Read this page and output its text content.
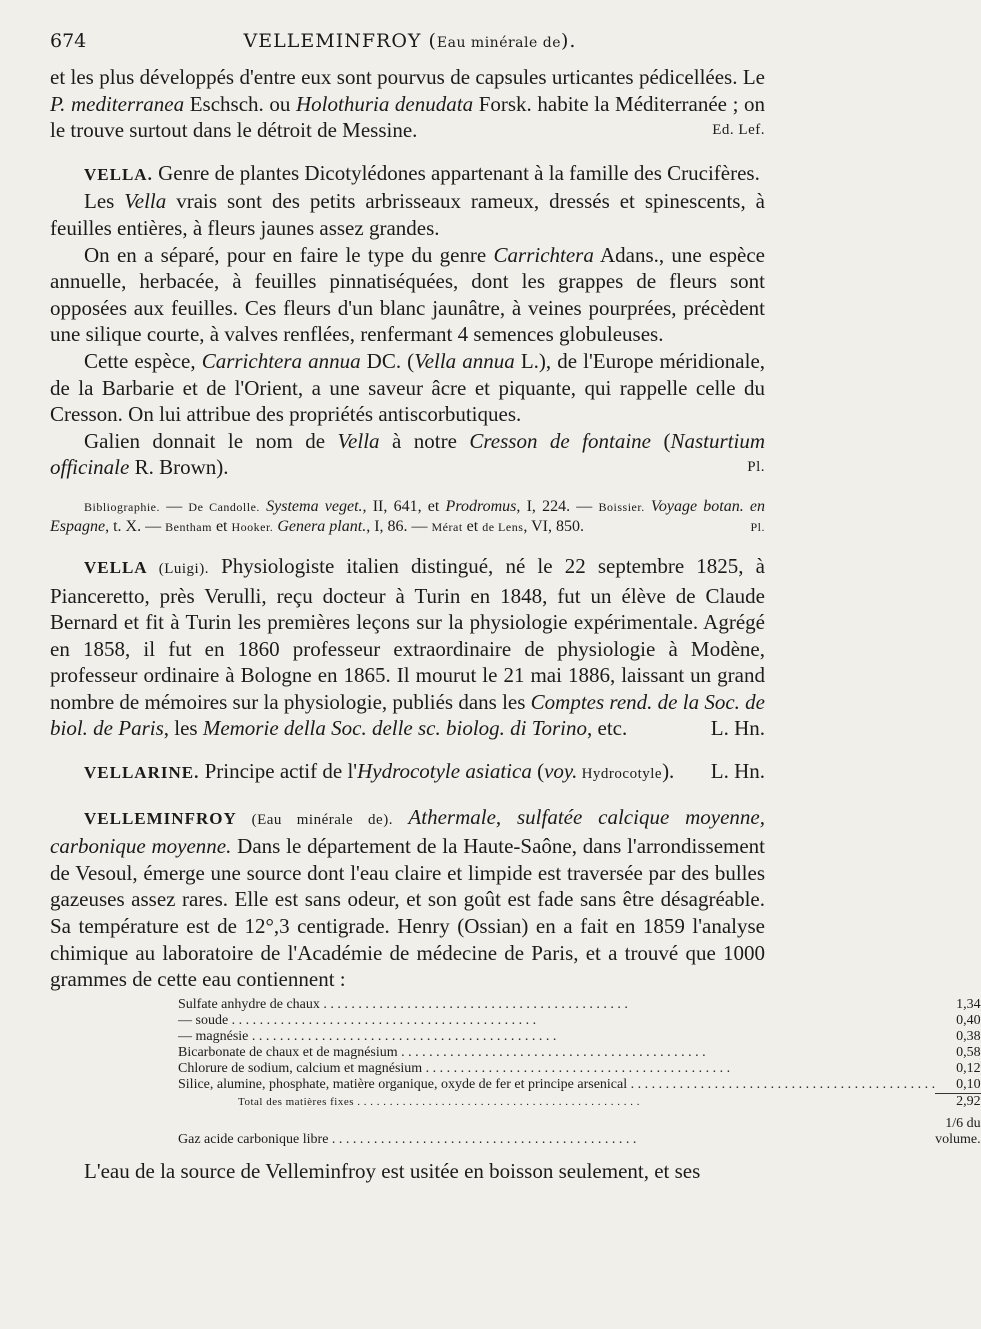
674	VELLEMINFROY (Eau minérale de).

et les plus développés d'entre eux sont pourvus de capsules urticantes pédicellées. Le P. mediterranea Eschsch. ou Holothuria denudata Forsk. habite la Méditerranée ; on le trouve surtout dans le détroit de Messine.	Ed. Lef.

VELLA. Genre de plantes Dicotylédones appartenant à la famille des Crucifères.

Les Vella vrais sont des petits arbrisseaux rameux, dressés et spinescents, à feuilles entières, à fleurs jaunes assez grandes.

On en a séparé, pour en faire le type du genre Carrichtera Adans., une espèce annuelle, herbacée, à feuilles pinnatiséquées, dont les grappes de fleurs sont opposées aux feuilles. Ces fleurs d'un blanc jaunâtre, à veines pourprées, précèdent une silique courte, à valves renflées, renfermant 4 semences globuleuses.

Cette espèce, Carrichtera annua DC. (Vella annua L.), de l'Europe méridionale, de la Barbarie et de l'Orient, a une saveur âcre et piquante, qui rappelle celle du Cresson. On lui attribue des propriétés antiscorbutiques.

Galien donnait le nom de Vella à notre Cresson de fontaine (Nasturtium officinale R. Brown).	Pl.

Bibliographie. — De Candolle. Systema veget., II, 641, et Prodromus, I, 224. — Boissier. Voyage botan. en Espagne, t. X. — Bentham et Hooker. Genera plant., I, 86. — Mérat et de Lens, VI, 850.	Pl.

VELLA (Luigi). Physiologiste italien distingué, né le 22 septembre 1825, à Pianceretto, près Verulli, reçu docteur à Turin en 1848, fut un élève de Claude Bernard et fit à Turin les premières leçons sur la physiologie expérimentale. Agrégé en 1858, il fut en 1860 professeur extraordinaire de physiologie à Modène, professeur ordinaire à Bologne en 1865. Il mourut le 21 mai 1886, laissant un grand nombre de mémoires sur la physiologie, publiés dans les Comptes rend. de la Soc. de biol. de Paris, les Memorie della Soc. delle sc. biolog. di Torino, etc.	L. Hn.

VELLARINE. Principe actif de l'Hydrocotyle asiatica (voy. Hydrocotyle).	L. Hn.

VELLEMINFROY (Eau minérale de). Athermale, sulfatée calcique moyenne, carbonique moyenne. Dans le département de la Haute-Saône, dans l'arrondissement de Vesoul, émerge une source dont l'eau claire et limpide est traversée par des bulles gazeuses assez rares. Elle est sans odeur, et son goût est fade sans être désagréable. Sa température est de 12°,3 centigrade. Henry (Ossian) en a fait en 1859 l'analyse chimique au laboratoire de l'Académie de médecine de Paris, et a trouvé que 1000 grammes de cette eau contiennent :

Sulfate anhydre de chaux . . .	1,34
— soude . . .	0,40
— magnésie . . .	0,38
Bicarbonate de chaux et de magnésium . . .	0,58
Chlorure de sodium, calcium et magnésium . . .	0,12
Silice, alumine, phosphate, matière organique, oxyde de fer et principe arsenical . . .	0,10
Total des matières fixes . . .	2,92
Gaz acide carbonique libre . . .	1/6 du volume.

L'eau de la source de Velleminfroy est usitée en boisson seulement, et ses
